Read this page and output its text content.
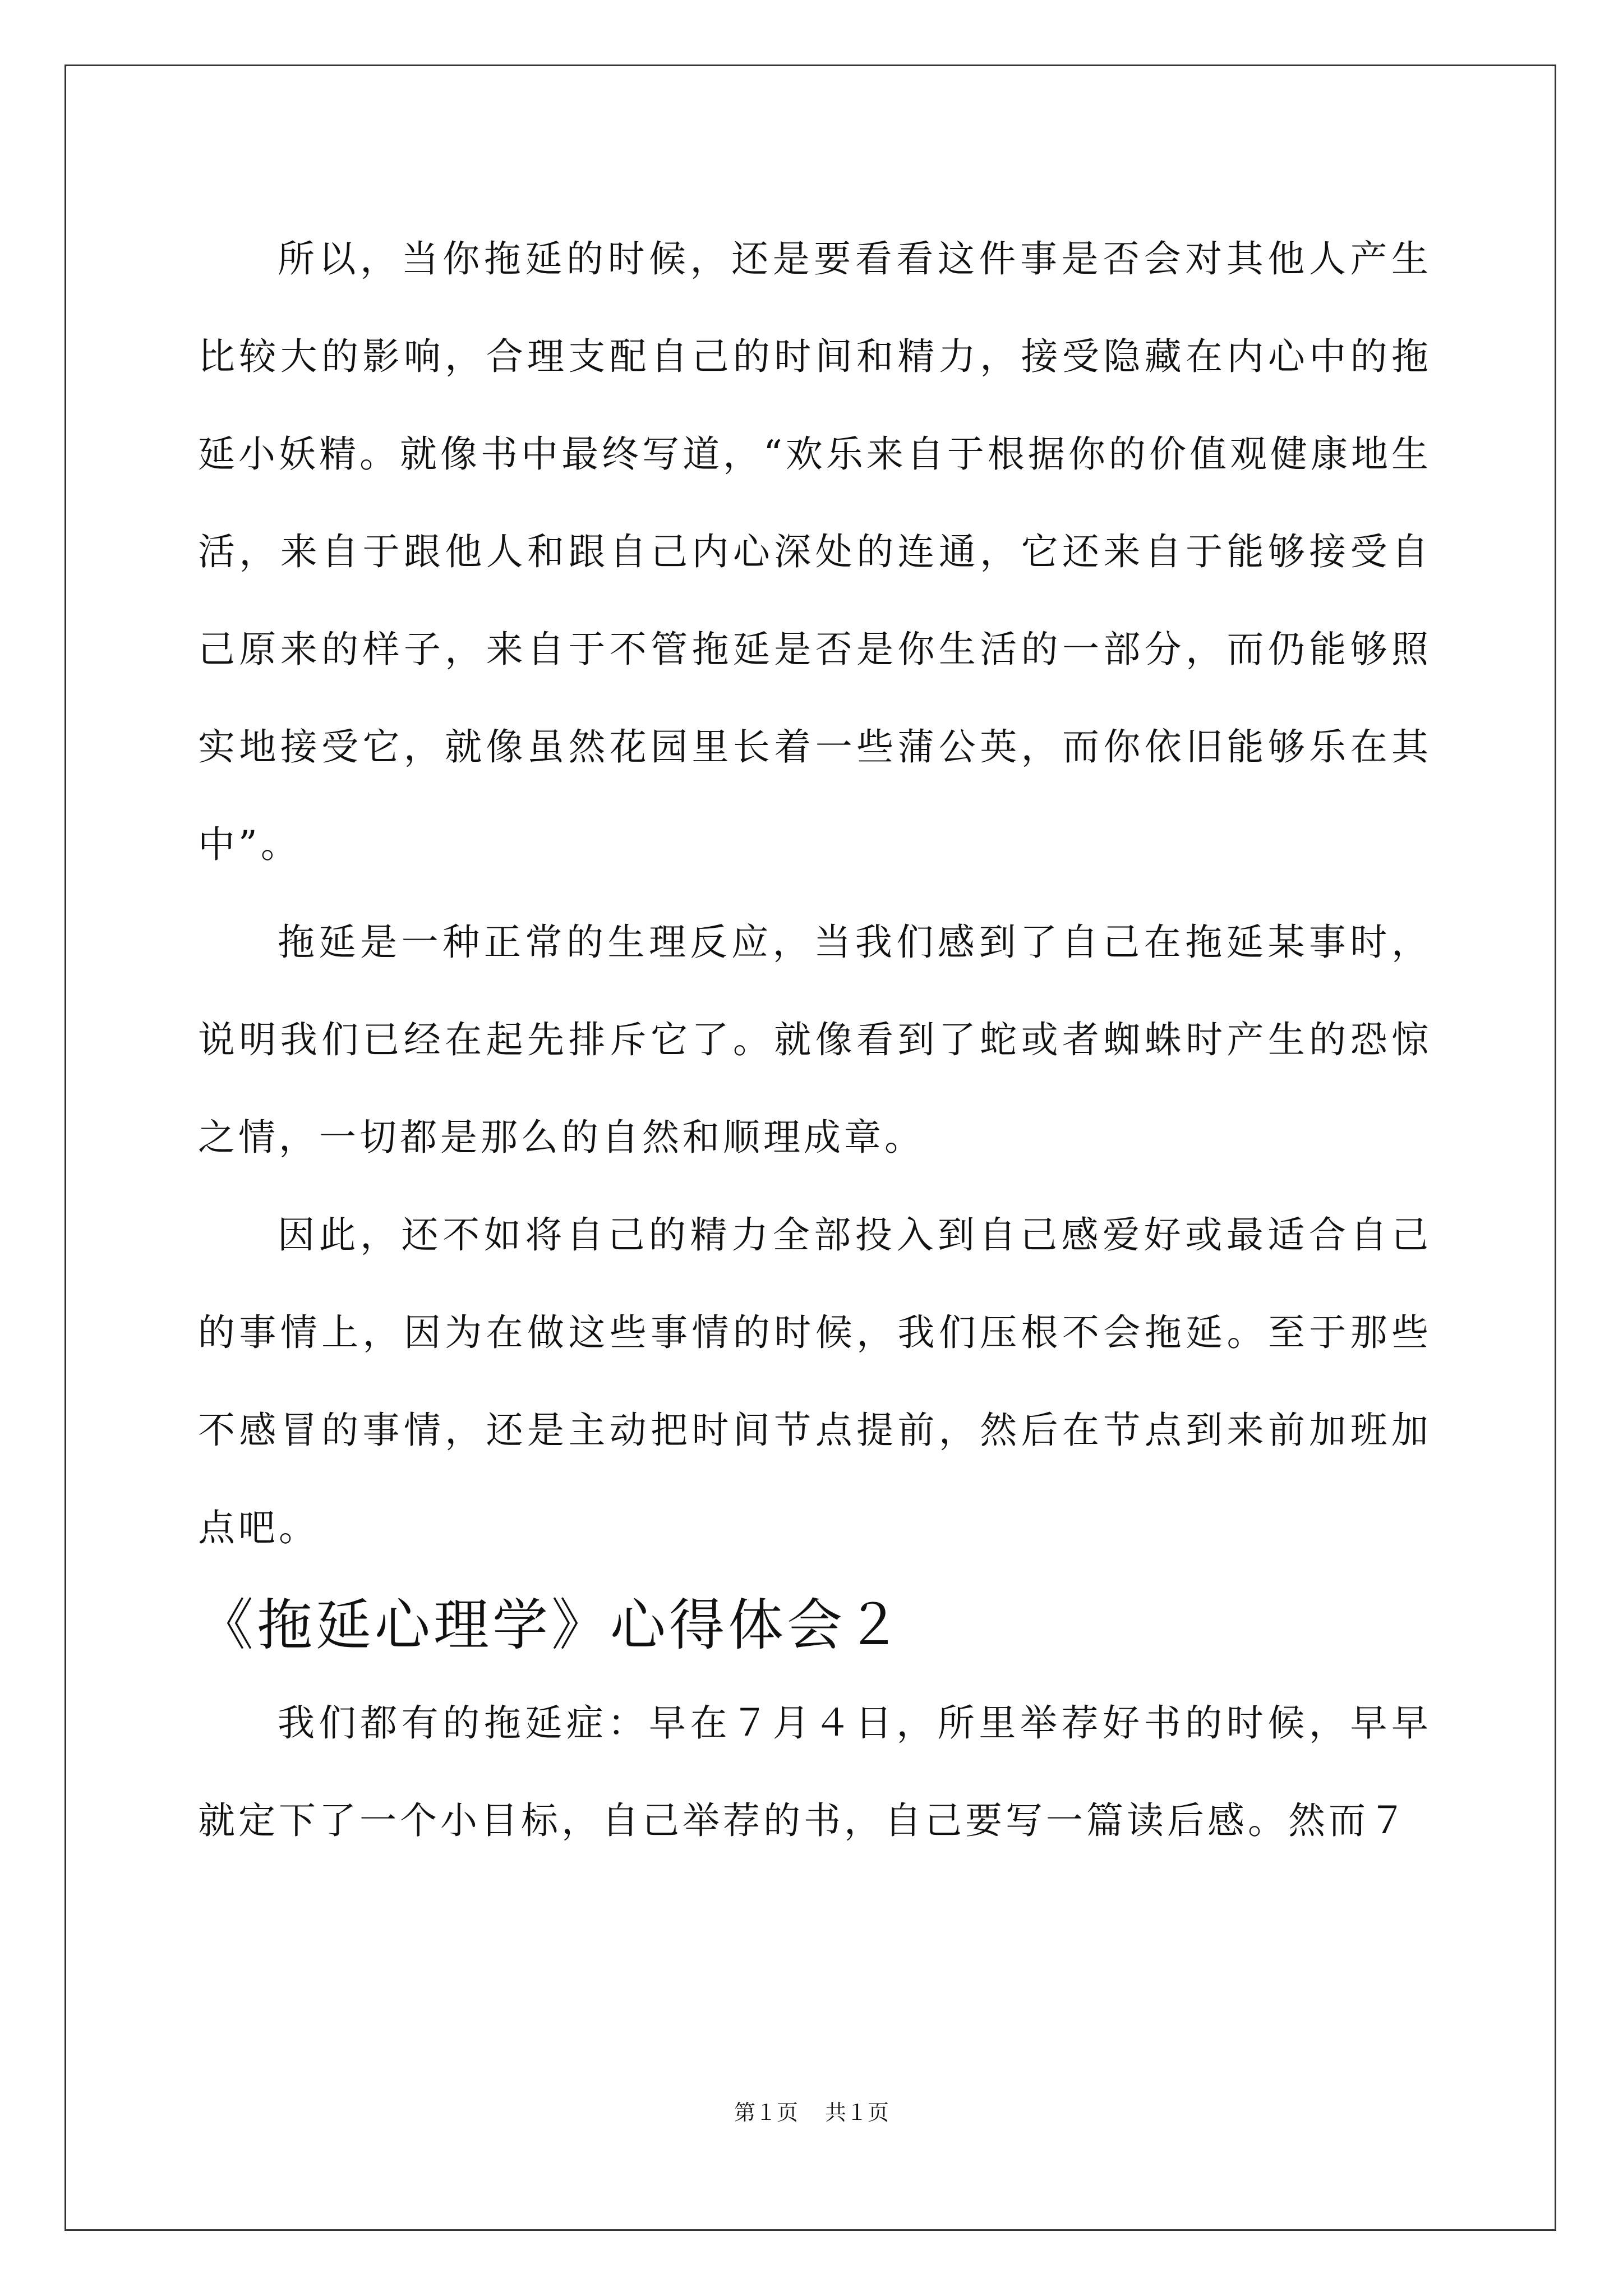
所以，当你拖延的时候，还是要看看这件事是否会对其他人产生比较大的影响，合理支配自己的时间和精力，接受隐藏在内心中的拖延小妖精。就像书中最终写道，“欢乐来自于根据你的价值观健康地生活，来自于跟他人和跟自己内心深处的连通，它还来自于能够接受自己原来的样子，来自于不管拖延是否是你生活的一部分，而仍能够照实地接受它，就像虽然花园里长着一些蒲公英，而你依旧能够乐在其中”。

拖延是一种正常的生理反应，当我们感到了自己在拖延某事时，说明我们已经在起先排斥它了。就像看到了蛇或者蜘蛛时产生的恐惊之情，一切都是那么的自然和顺理成章。

因此，还不如将自己的精力全部投入到自己感爱好或最适合自己的事情上，因为在做这些事情的时候，我们压根不会拖延。至于那些不感冒的事情，还是主动把时间节点提前，然后在节点到来前加班加点吧。

《拖延心理学》心得体会２

我们都有的拖延症：早在７月４日，所里举荐好书的时候，早早就定下了一个小目标，自己举荐的书，自己要写一篇读后感。然而７

第１页 共１页
